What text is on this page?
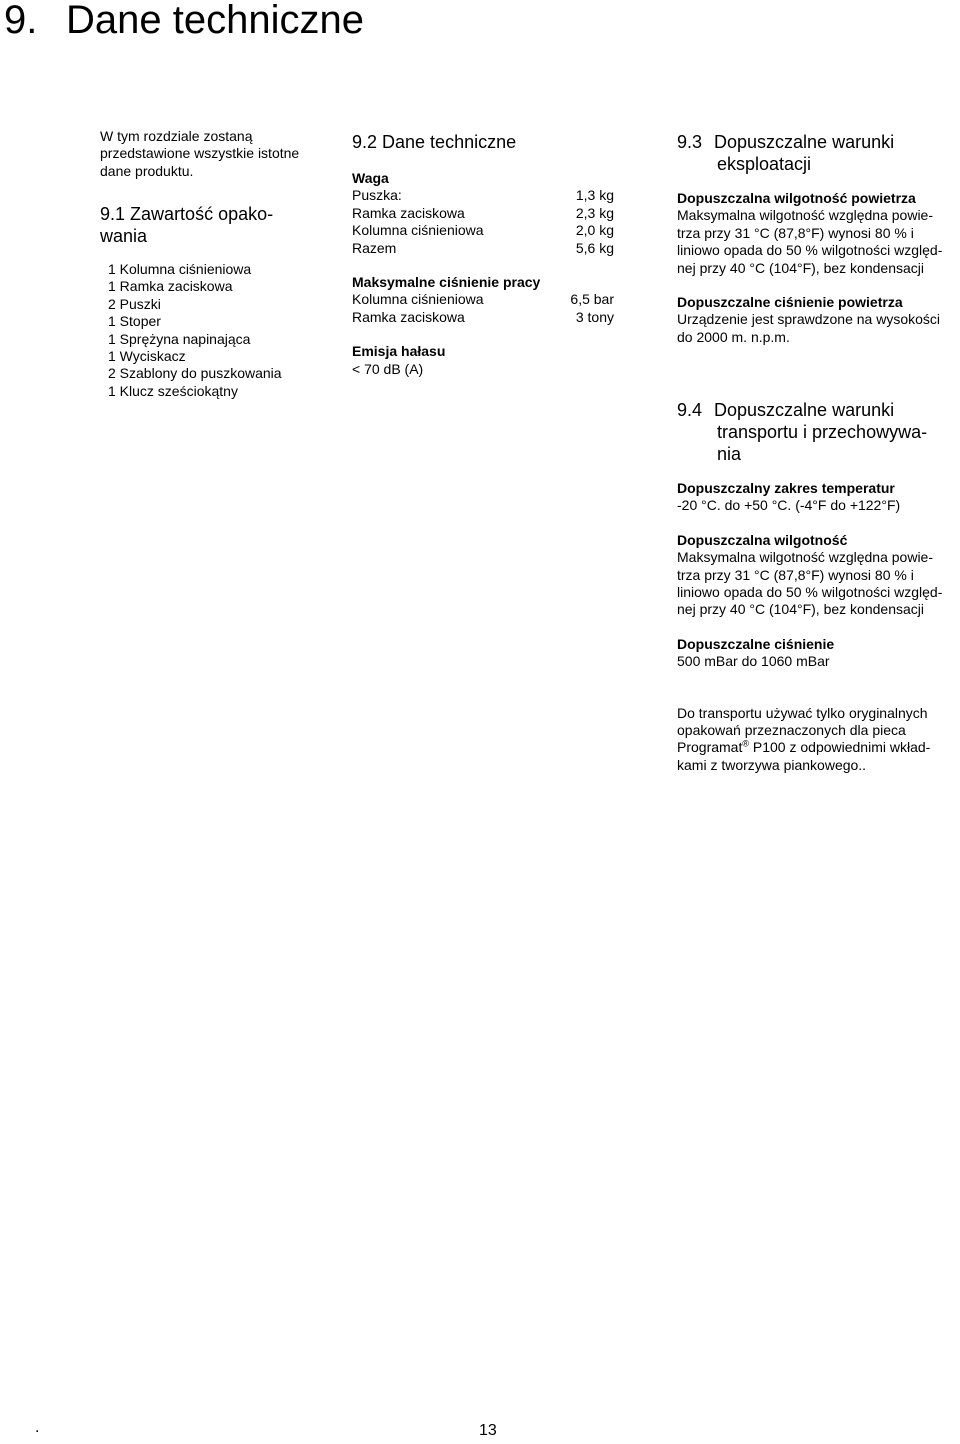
9. Dane techniczne
W tym rozdziale zostaną przedstawione wszystkie istotne dane produktu.
9.1 Zawartość opako-
wania
1 Kolumna ciśnieniowa
1 Ramka zaciskowa
2 Puszki
1 Stoper
1 Sprężyna napinająca
1 Wyciskacz
2 Szablony do puszkowania
1 Klucz sześciokątny
9.2 Dane techniczne
Waga
Puszka:	1,3 kg
Ramka zaciskowa	2,3 kg
Kolumna ciśnieniowa	2,0 kg
Razem	5,6 kg
Maksymalne ciśnienie pracy
Kolumna ciśnieniowa	6,5 bar
Ramka zaciskowa	3 tony
Emisja hałasu
< 70 dB (A)
9.3 Dopuszczalne warunki
eksploatacji
Dopuszczalna wilgotność powietrza
Maksymalna wilgotność względna powie-
trza przy 31 °C (87,8°F) wynosi 80 % i
liniowo opada do 50 % wilgotności względ-
nej przy 40 °C (104°F), bez kondensacji
Dopuszczalne ciśnienie powietrza
Urządzenie jest sprawdzone na wysokości
do 2000 m. n.p.m.
9.4 Dopuszczalne warunki
transportu i przechowywa-
nia
Dopuszczalny zakres temperatur
-20 °C. do +50 °C. (-4°F do +122°F)
Dopuszczalna wilgotność
Maksymalna wilgotność względna powie-
trza przy 31 °C (87,8°F) wynosi 80 % i
liniowo opada do 50 % wilgotności względ-
nej przy 40 °C (104°F), bez kondensacji
Dopuszczalne ciśnienie
500 mBar do 1060 mBar
Do transportu używać tylko oryginalnych
opakowań przeznaczonych dla pieca
Programat® P100 z odpowiednimi wkład-
kami z tworzywa piankowego..
.	13
